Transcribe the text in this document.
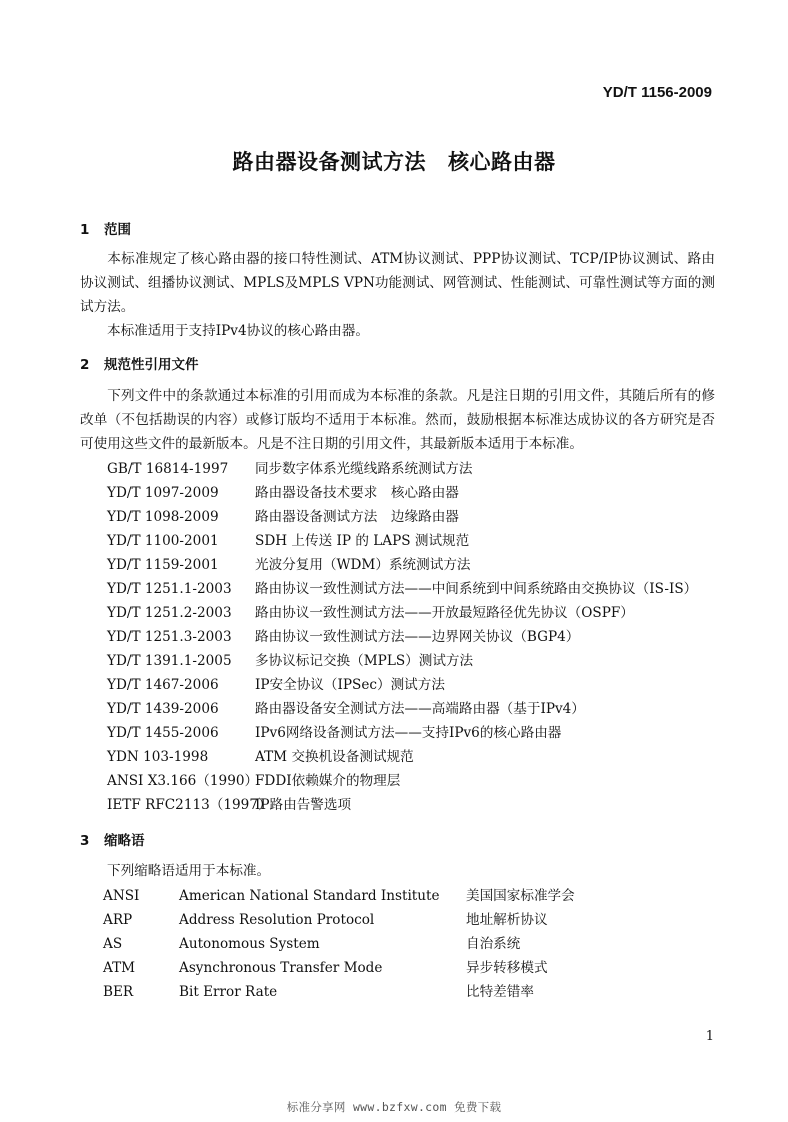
YD/T 1156-2009
路由器设备测试方法 核心路由器
1 范围
本标准规定了核心路由器的接口特性测试、ATM协议测试、PPP协议测试、TCP/IP协议测试、路由协议测试、组播协议测试、MPLS及MPLS VPN功能测试、网管测试、性能测试、可靠性测试等方面的测试方法。
本标准适用于支持IPv4协议的核心路由器。
2 规范性引用文件
下列文件中的条款通过本标准的引用而成为本标准的条款。凡是注日期的引用文件，其随后所有的修改单（不包括勘误的内容）或修订版均不适用于本标准。然而，鼓励根据本标准达成协议的各方研究是否可使用这些文件的最新版本。凡是不注日期的引用文件，其最新版本适用于本标准。
GB/T 16814-1997 同步数字体系光缆线路系统测试方法
YD/T 1097-2009	路由器设备技术要求　核心路由器
YD/T 1098-2009	路由器设备测试方法　边缘路由器
YD/T 1100-2001	SDH 上传送 IP 的 LAPS 测试规范
YD/T 1159-2001	光波分复用（WDM）系统测试方法
YD/T 1251.1-2003 路由协议一致性测试方法——中间系统到中间系统路由交换协议（IS-IS）
YD/T 1251.2-2003 路由协议一致性测试方法——开放最短路径优先协议（OSPF）
YD/T 1251.3-2003 路由协议一致性测试方法——边界网关协议（BGP4）
YD/T 1391.1-2005 多协议标记交换（MPLS）测试方法
YD/T 1467-2006	IP安全协议（IPSec）测试方法
YD/T 1439-2006	路由器设备安全测试方法——高端路由器（基于IPv4）
YD/T 1455-2006	IPv6网络设备测试方法——支持IPv6的核心路由器
YDN 103-1998	ATM 交换机设备测试规范
ANSI X3.166（1990）FDDI依赖媒介的物理层
IETF RFC2113（1997）IP路由告警选项
3 缩略语
下列缩略语适用于本标准。
ANSI	American National Standard Institute 美国国家标准学会
ARP	Address Resolution Protocol	地址解析协议
AS	Autonomous System	自治系统
ATM	Asynchronous Transfer Mode	异步转移模式
BER	Bit Error Rate	比特差错率
1
标准分享网 www.bzfxw.com 免费下载
